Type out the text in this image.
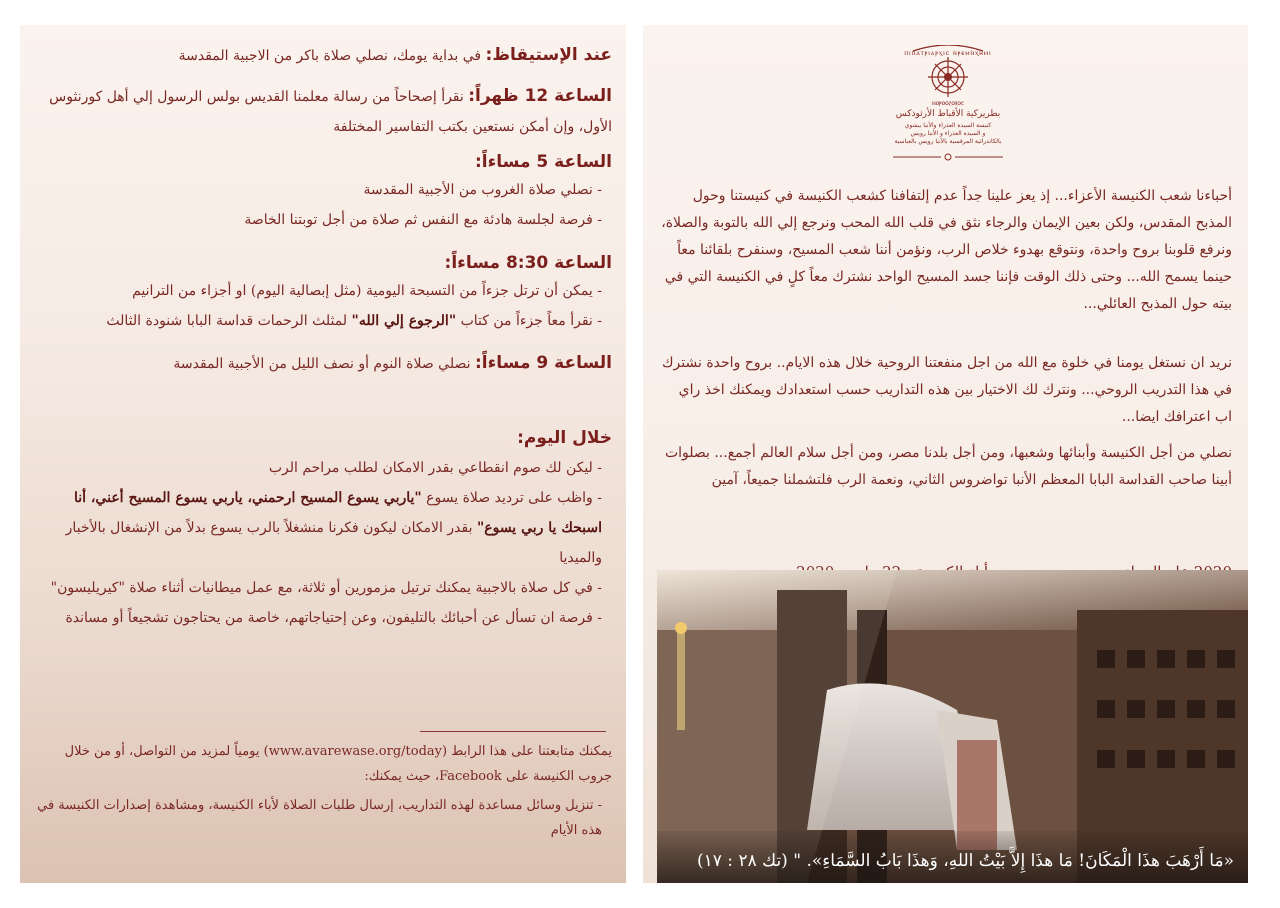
عند الإستيقاظ: في بداية يومك، نصلي صلاة باكر من الاجبية المقدسة
الساعة 12 ظهراً: نقرأ إصحاحاً من رسالة معلمنا القديس بولس الرسول إلي أهل كورنثوس الأول، وإن أمكن نستعين بكتب التفاسير المختلفة
الساعة 5 مساءاً:
- نصلي صلاة الغروب من الأجبية المقدسة
- فرصة لجلسة هادئة مع النفس ثم صلاة من أجل توبتنا الخاصة
الساعة 8:30 مساءاً:
- يمكن أن ترتل جزءاً من التسبحة اليومية (مثل إبصالية اليوم) او أجزاء من الترانيم
- نقرأ معاً جزءاً من كتاب "الرجوع إلي الله" لمثلث الرحمات قداسة البابا شنودة الثالث
الساعة 9 مساءاً: نصلي صلاة النوم أو نصف الليل من الأجبية المقدسة
خلال اليوم:
- ليكن لك صوم انقطاعي بقدر الامكان لطلب مراحم الرب
- واظب على ترديد صلاة يسوع "ياربي يسوع المسيح ارحمني، ياربي يسوع المسيح أعني، أنا اسبحك يا ربي يسوع" بقدر الامكان ليكون فكرنا منشغلاً بالرب يسوع بدلاً من الإنشغال بالأخبار والميديا
- في كل صلاة بالاجبية يمكنك ترتيل مزمورين أو ثلاثة، مع عمل ميطانيات أثناء صلاة "كيريليسون"
- فرصة ان تسأل عن أحبائك بالتليفون، وعن إحتياجاتهم، خاصة من يحتاجون تشجيعاً أو مساندة
يمكنك متابعتنا على هذا الرابط (www.avarewase.org/today) يومياً لمزيد من التواصل، أو من خلال جروب الكنيسة على Facebook، حيث يمكنك:
- تنزيل وسائل مساعدة لهذه التداريب، إرسال طلبات الصلاة لأباء الكنيسة، ومشاهدة إصدارات الكنيسة في هذه الأيام
ⲡⲓⲡⲁⲧⲣⲓⲁⲣⲭⲓⲥ ⲛ̀ⲣⲉⲙⲛ̀ⲭⲏⲙⲓ
ⲛⲟⲣⲟⲟⲍⲟⲝⲟⲥ
بطريركية الأقباط الأرثوذكس
كنيسة السيدة العذراء والأنبا بيشوي
و السيدة العذراء و الأنبا رويس
بالكاتدرائية المرقسية بالأنبا رويس بالعباسية

أحباءنا شعب الكنيسة الأعزاء... إذ يعز علينا جداً عدم إلتفافنا كشعب الكنيسة في كنيستنا وحول المذبح المقدس، ولكن بعين الإيمان والرجاء نثق في قلب الله المحب ونرجع إلي الله بالتوبة والصلاة، ونرفع قلوبنا بروح واحدة، ونتوقع بهدوء خلاص الرب، ونؤمن أننا شعب المسيح، وسنفرح بلقائنا معاً حينما يسمح الله... وحتى ذلك الوقت فإننا جسد المسيح الواحد نشترك معاً كلٍ في الكنيسة التي في بيته حول المذبح العائلي...

نريد ان نستغل يومنا في خلوة مع الله من اجل منفعتنا الروحية خلال هذه الايام.. بروح واحدة نشترك في هذا التدريب الروحي... ونترك لك الاختيار بين هذه التداريب حسب استعدادك ويمكنك اخذ راي اب اعترافك ايضا...

نصلي من أجل الكنيسة وأبنائها وشعبها، ومن أجل بلدنا مصر، ومن أجل سلام العالم أجمع... بصلوات أبينا صاحب القداسة البابا المعظم الأنبا تواضروس الثاني، ونعمة الرب فلتشملنا جميعاً، آمين

«مَا أَرْهَبَ هذَا الْمَكَانَ! مَا هذَا إِلاَّ بَيْتُ اللهِ، وَهذَا بَابُ السَّمَاءِ». " (تك ٢٨ : ١٧)
